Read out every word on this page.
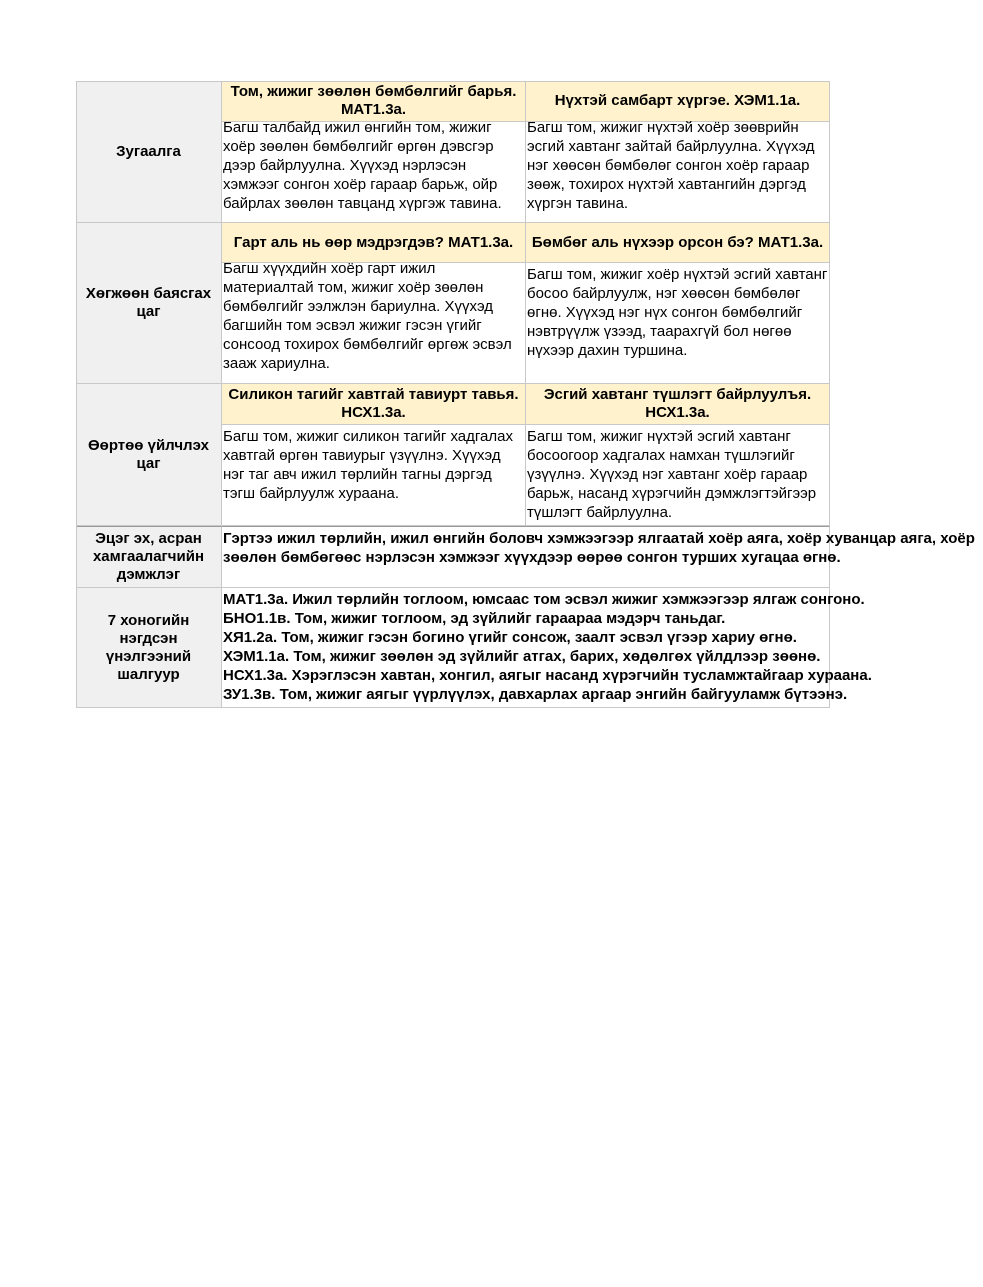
Зугаалга
Том, жижиг зөөлөн бөмбөлгийг барья. МАТ1.3а.
Нүхтэй самбарт хүргэе. ХЭМ1.1а.
Багш талбайд ижил өнгийн том, жижиг хоёр зөөлөн бөмбөлгийг өргөн дэвсгэр дээр байрлуулна. Хүүхэд нэрлэсэн хэмжээг сонгон хоёр гараар барьж, ойр байрлах зөөлөн тавцанд хүргэж тавина.
Багш том, жижиг нүхтэй хоёр зөөврийн эсгий хавтанг зайтай байрлуулна. Хүүхэд нэг хөөсөн бөмбөлөг сонгон хоёр гараар зөөж, тохирох нүхтэй хавтангийн дэргэд хүргэн тавина.
Хөгжөөн баясгах цаг
Гарт аль нь өөр мэдрэгдэв? МАТ1.3а. Бөмбөг аль нүхээр орсон бэ? МАТ1.3а.
Багш хүүхдийн хоёр гарт ижил материалтай том, жижиг хоёр зөөлөн бөмбөлгийг ээлжлэн бариулна. Хүүхэд багшийн том эсвэл жижиг гэсэн үгийг сонсоод тохирох бөмбөлгийг өргөж эсвэл зааж хариулна.
Багш том, жижиг хоёр нүхтэй эсгий хавтанг босоо байрлуулж, нэг хөөсөн бөмбөлөг өгнө. Хүүхэд нэг нүх сонгон бөмбөлгийг нэвтрүүлж үзээд, таарахгүй бол нөгөө нүхээр дахин туршина.
Өөртөө үйлчлэх цаг
Силикон тагийг хавтгай тавиурт тавья. НСХ1.3а.
Эсгий хавтанг түшлэгт байрлуулъя. НСХ1.3а.
Багш том, жижиг силикон тагийг хадгалах хавтгай өргөн тавиурыг үзүүлнэ. Хүүхэд нэг таг авч ижил төрлийн тагны дэргэд тэгш байрлуулж хураана.
Багш том, жижиг нүхтэй эсгий хавтанг босоогоор хадгалах намхан түшлэгийг үзүүлнэ. Хүүхэд нэг хавтанг хоёр гараар барьж, насанд хүрэгчийн дэмжлэгтэйгээр түшлэгт байрлуулна.
Эцэг эх, асран хамгаалагчийн дэмжлэг
Гэртээ ижил төрлийн, ижил өнгийн боловч хэмжээгээр ялгаатай хоёр аяга, хоёр хуванцар аяга, хоёр зөөлөн бөмбөгөөс нэрлэсэн хэмжээг хүүхдээр өөрөө сонгон турших хугацаа өгнө.
7 хоногийн нэгдсэн үнэлгээний шалгуур
МАТ1.3а. Ижил төрлийн тоглоом, юмсаас том эсвэл жижиг хэмжээгээр ялгаж сонгоно.
БНО1.1в. Том, жижиг тоглоом, эд зүйлийг гараараа мэдэрч таньдаг.
ХЯ1.2а. Том, жижиг гэсэн богино үгийг сонсож, заалт эсвэл үгээр хариу өгнө.
ХЭМ1.1а. Том, жижиг зөөлөн эд зүйлийг атгах, барих, хөдөлгөх үйлдлээр зөөнө.
НСХ1.3а. Хэрэглэсэн хавтан, хонгил, аягыг насанд хүрэгчийн тусламжтайгаар хураана.
ЗУ1.3в. Том, жижиг аягыг үүрлүүлэх, давхарлах аргаар энгийн байгууламж бүтээнэ.
